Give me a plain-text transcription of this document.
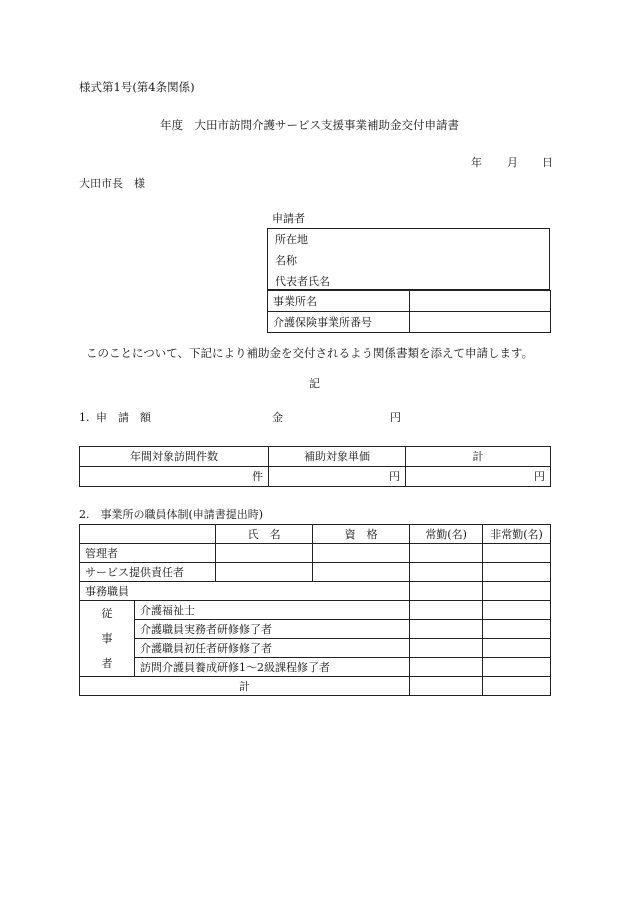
様式第1号(第4条関係)
年度　大田市訪問介護サービス支援事業補助金交付申請書
年 月 日
大田市長　様
申請者
所在地
名称
代表者氏名
事業所名	
介護保険事業所番号	
このことについて、下記により補助金を交付されるよう関係書類を添えて申請します。
記
1. 申　請　額	金	円
年間対象訪問件数	補助対象単価	計
件	円	円
2.　事業所の職員体制(申請書提出時)
		氏　名	資　格	常勤(名)	非常勤(名)
管理者					
サービス提供責任者					
事務職員					
従
事
者	介護福祉士				
	介護職員実務者研修修了者				
	介護職員初任者研修修了者				
	訪問介護員養成研修1～2級課程修了者				
計					
